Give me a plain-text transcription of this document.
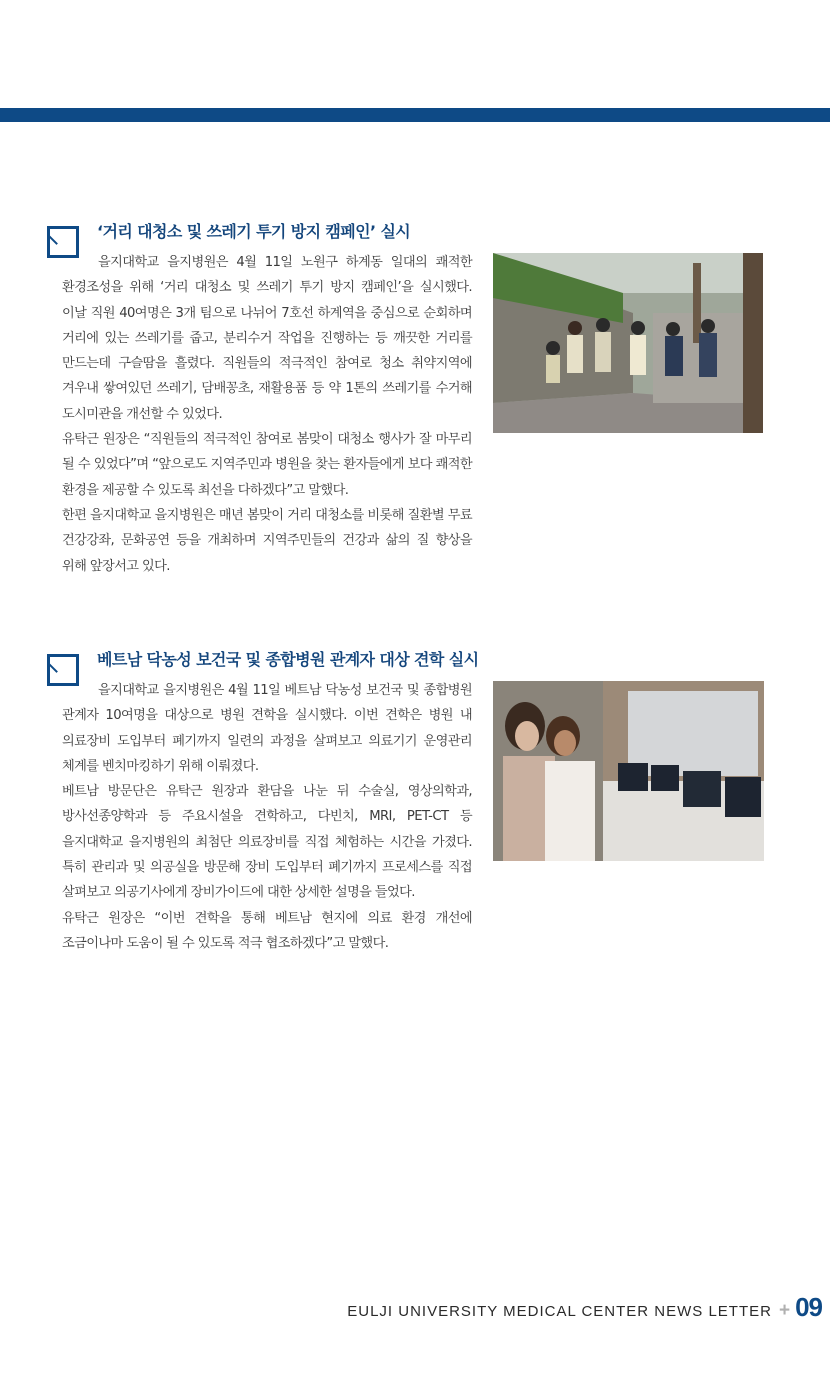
‘거리 대청소 및 쓰레기 투기 방지 캠페인’ 실시

을지대학교 을지병원은 4월 11일 노원구 하계동 일대의 쾌적한 환경조성을 위해 ‘거리 대청소 및 쓰레기 투기 방지 캠페인’을 실시했다. 이날 직원 40여명은 3개 팀으로 나뉘어 7호선 하계역을 중심으로 순회하며 거리에 있는 쓰레기를 줍고, 분리수거 작업을 진행하는 등 깨끗한 거리를 만드는데 구슬땀을 흘렸다. 직원들의 적극적인 참여로 청소 취약지역에 겨우내 쌓여있던 쓰레기, 담배꽁초, 재활용품 등 약 1톤의 쓰레기를 수거해 도시미관을 개선할 수 있었다.

유탁근 원장은 “직원들의 적극적인 참여로 봄맞이 대청소 행사가 잘 마무리 될 수 있었다”며 “앞으로도 지역주민과 병원을 찾는 환자들에게 보다 쾌적한 환경을 제공할 수 있도록 최선을 다하겠다”고 말했다.

한편 을지대학교 을지병원은 매년 봄맞이 거리 대청소를 비롯해 질환별 무료 건강강좌, 문화공연 등을 개최하며 지역주민들의 건강과 삶의 질 향상을 위해 앞장서고 있다.

베트남 닥농성 보건국 및 종합병원 관계자 대상 견학 실시

을지대학교 을지병원은 4월 11일 베트남 닥농성 보건국 및 종합병원 관계자 10여명을 대상으로 병원 견학을 실시했다. 이번 견학은 병원 내 의료장비 도입부터 폐기까지 일련의 과정을 살펴보고 의료기기 운영관리 체계를 벤치마킹하기 위해 이뤄졌다.

베트남 방문단은 유탁근 원장과 환담을 나눈 뒤 수술실, 영상의학과, 방사선종양학과 등 주요시설을 견학하고, 다빈치, MRI, PET-CT 등 을지대학교 을지병원의 최첨단 의료장비를 직접 체험하는 시간을 가졌다. 특히 관리과 및 의공실을 방문해 장비 도입부터 폐기까지 프로세스를 직접 살펴보고 의공기사에게 장비가이드에 대한 상세한 설명을 들었다.

유탁근 원장은 “이번 견학을 통해 베트남 현지에 의료 환경 개선에 조금이나마 도움이 될 수 있도록 적극 협조하겠다”고 말했다.

EULJI UNIVERSITY MEDICAL CENTER NEWS LETTER + 09
